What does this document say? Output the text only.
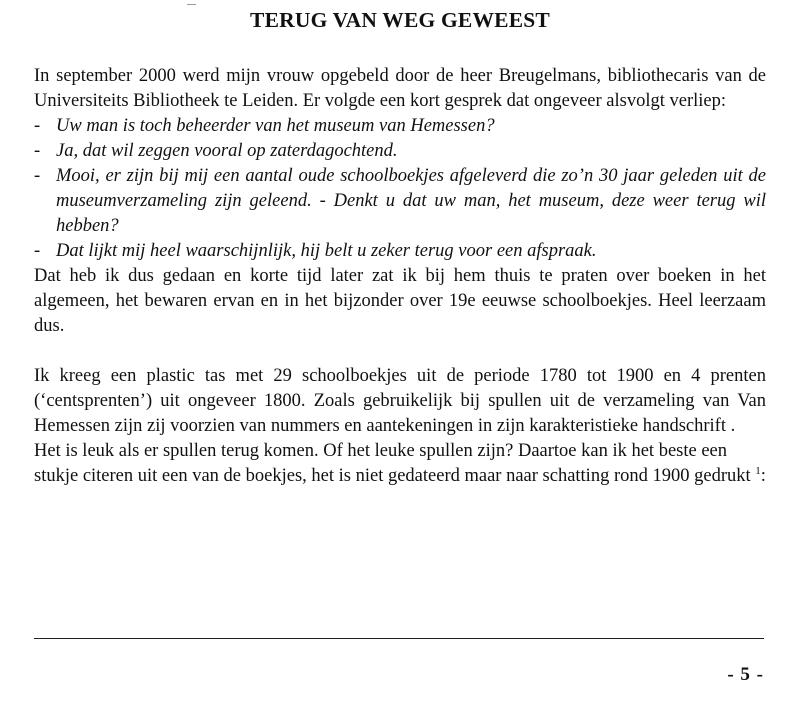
TERUG VAN WEG GEWEEST

In september 2000 werd mijn vrouw opgebeld door de heer Breugelmans, bibliothecaris van de Universiteits Bibliotheek te Leiden. Er volgde een kort gesprek dat ongeveer alsvolgt verliep:

- Uw man is toch beheerder van het museum van Hemessen?
- Ja, dat wil zeggen vooral op zaterdagochtend.
- Mooi, er zijn bij mij een aantal oude schoolboekjes afgeleverd die zo’n 30 jaar geleden uit de museumverzameling zijn geleend. - Denkt u dat uw man, het museum, deze weer terug wil hebben?
- Dat lijkt mij heel waarschijnlijk, hij belt u zeker terug voor een afspraak.

Dat heb ik dus gedaan en korte tijd later zat ik bij hem thuis te praten over boeken in het algemeen, het bewaren ervan en in het bijzonder over 19e eeuwse schoolboekjes. Heel leerzaam dus.

Ik kreeg een plastic tas met 29 schoolboekjes uit de periode 1780 tot 1900 en 4 prenten (‘centsprenten’) uit ongeveer 1800. Zoals gebruikelijk bij spullen uit de verzameling van Van Hemessen zijn zij voorzien van nummers en aantekeningen in zijn karakteristieke handschrift .

Het is leuk als er spullen terug komen. Of het leuke spullen zijn? Daartoe kan ik het beste een stukje citeren uit een van de boekjes, het is niet gedateerd maar naar schatting rond 1900 gedrukt $^1$:

- 5 -
